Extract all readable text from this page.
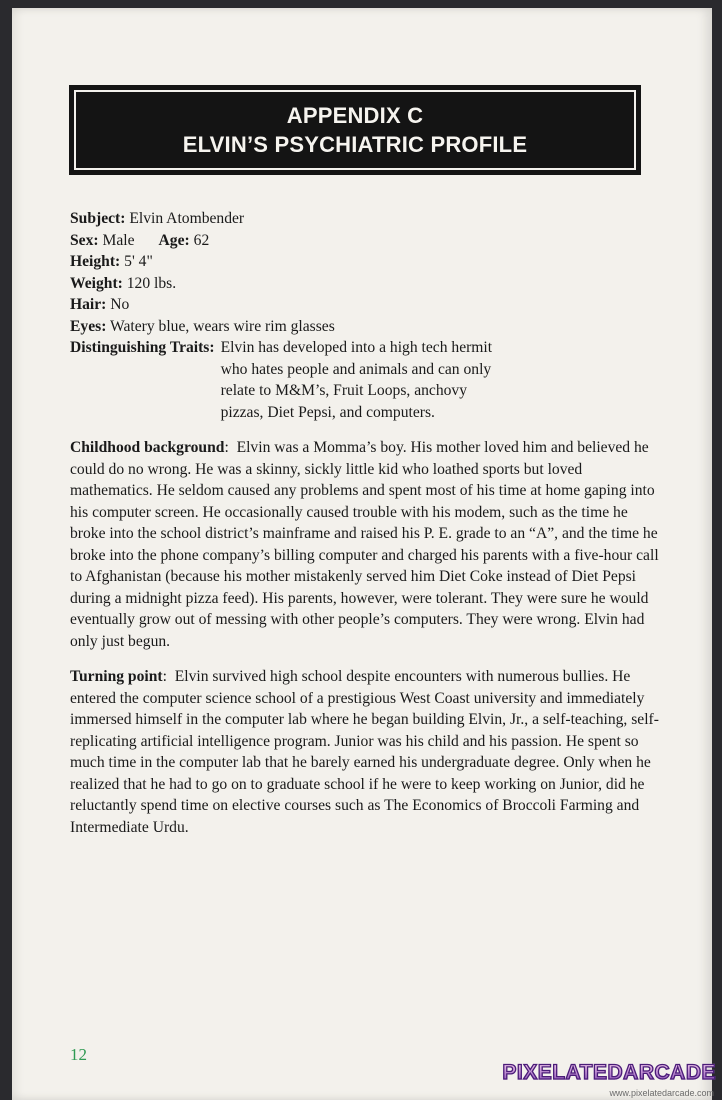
APPENDIX C
ELVIN’S PSYCHIATRIC PROFILE
Subject: Elvin Atombender
Sex: Male Age: 62
Height: 5' 4"
Weight: 120 lbs.
Hair: No
Eyes: Watery blue, wears wire rim glasses
Distinguishing Traits: Elvin has developed into a high tech hermit who hates people and animals and can only relate to M&M’s, Fruit Loops, anchovy pizzas, Diet Pepsi, and computers.
Childhood background:  Elvin was a Momma’s boy. His mother loved him and believed he could do no wrong. He was a skinny, sickly little kid who loathed sports but loved mathematics. He seldom caused any problems and spent most of his time at home gaping into his computer screen. He occasionally caused trouble with his modem, such as the time he broke into the school district’s mainframe and raised his P. E. grade to an “A”, and the time he broke into the phone company’s billing computer and charged his parents with a five-hour call to Afghanistan (because his mother mistakenly served him Diet Coke instead of Diet Pepsi during a midnight pizza feed). His parents, however, were tolerant. They were sure he would eventually grow out of messing with other people’s computers. They were wrong. Elvin had only just begun.
Turning point:  Elvin survived high school despite encounters with numerous bullies. He entered the computer science school of a prestigious West Coast university and immediately immersed himself in the computer lab where he began building Elvin, Jr., a self-teaching, self-replicating artificial intelligence program. Junior was his child and his passion. He spent so much time in the computer lab that he barely earned his undergraduate degree. Only when he realized that he had to go on to graduate school if he were to keep working on Junior, did he reluctantly spend time on elective courses such as The Economics of Broccoli Farming and Intermediate Urdu.
12
PIXELATEDARCADE
www.pixelatedarcade.com
